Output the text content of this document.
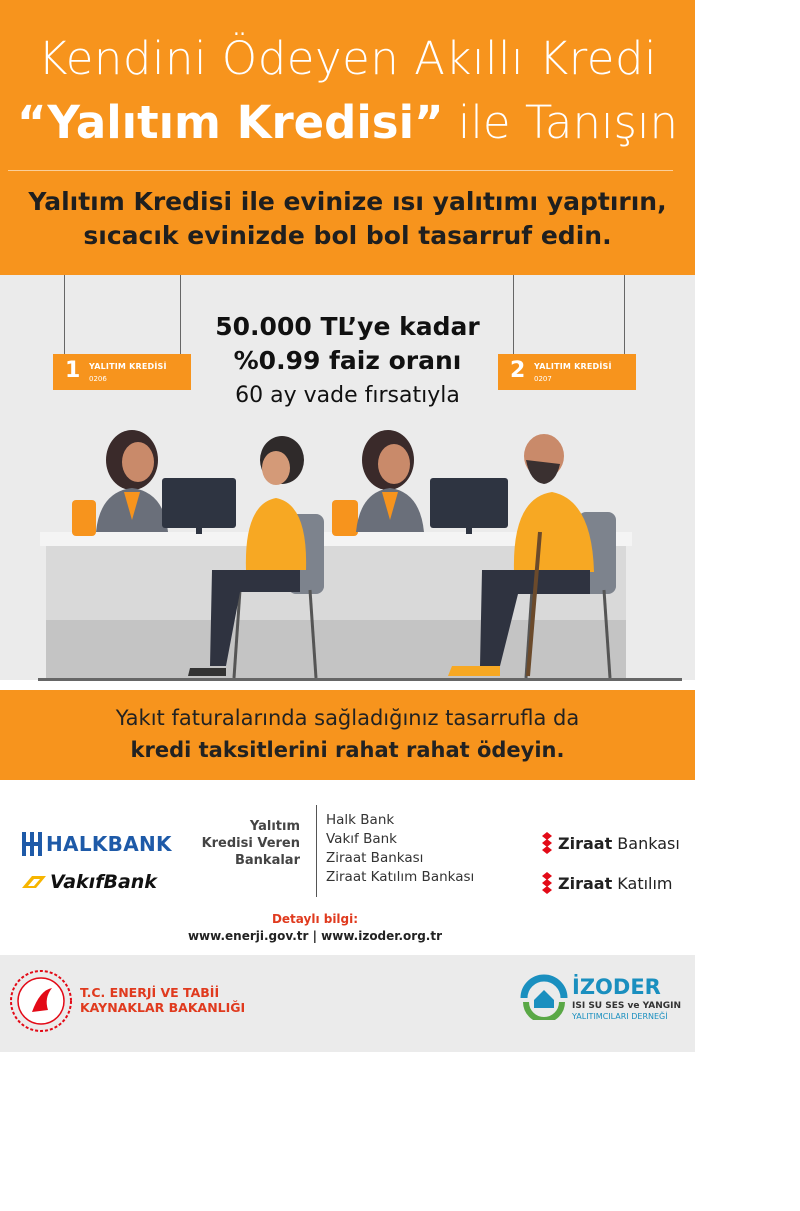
Kendini Ödeyen Akıllı Kredi
“Yalıtım Kredisi” ile Tanışın
Yalıtım Kredisi ile evinize ısı yalıtımı yaptırın,
sıcacık evinizde bol bol tasarruf edin.
1 YALITIM KREDİSİ
0206	2 YALITIM KREDİSİ
0207
50.000 TL’ye kadar
%0.99 faiz oranı
60 ay vade fırsatıyla
Yakıt faturalarında sağladığınız tasarrufla da
kredi taksitlerini rahat rahat ödeyin.
HALKBANK
VakıfBank
Yalıtım
Kredisi Veren
Bankalar
Halk Bank
Vakıf Bank
Ziraat Bankası
Ziraat Katılım Bankası
Ziraat Bankası
Ziraat Katılım
Detaylı bilgi:
www.enerji.gov.tr | www.izoder.org.tr
T.C. ENERJİ VE TABİİ
KAYNAKLAR BAKANLIĞI
İZODER
ISI SU SES ve YANGIN
YALITIMCILARI DERNEĞİ
